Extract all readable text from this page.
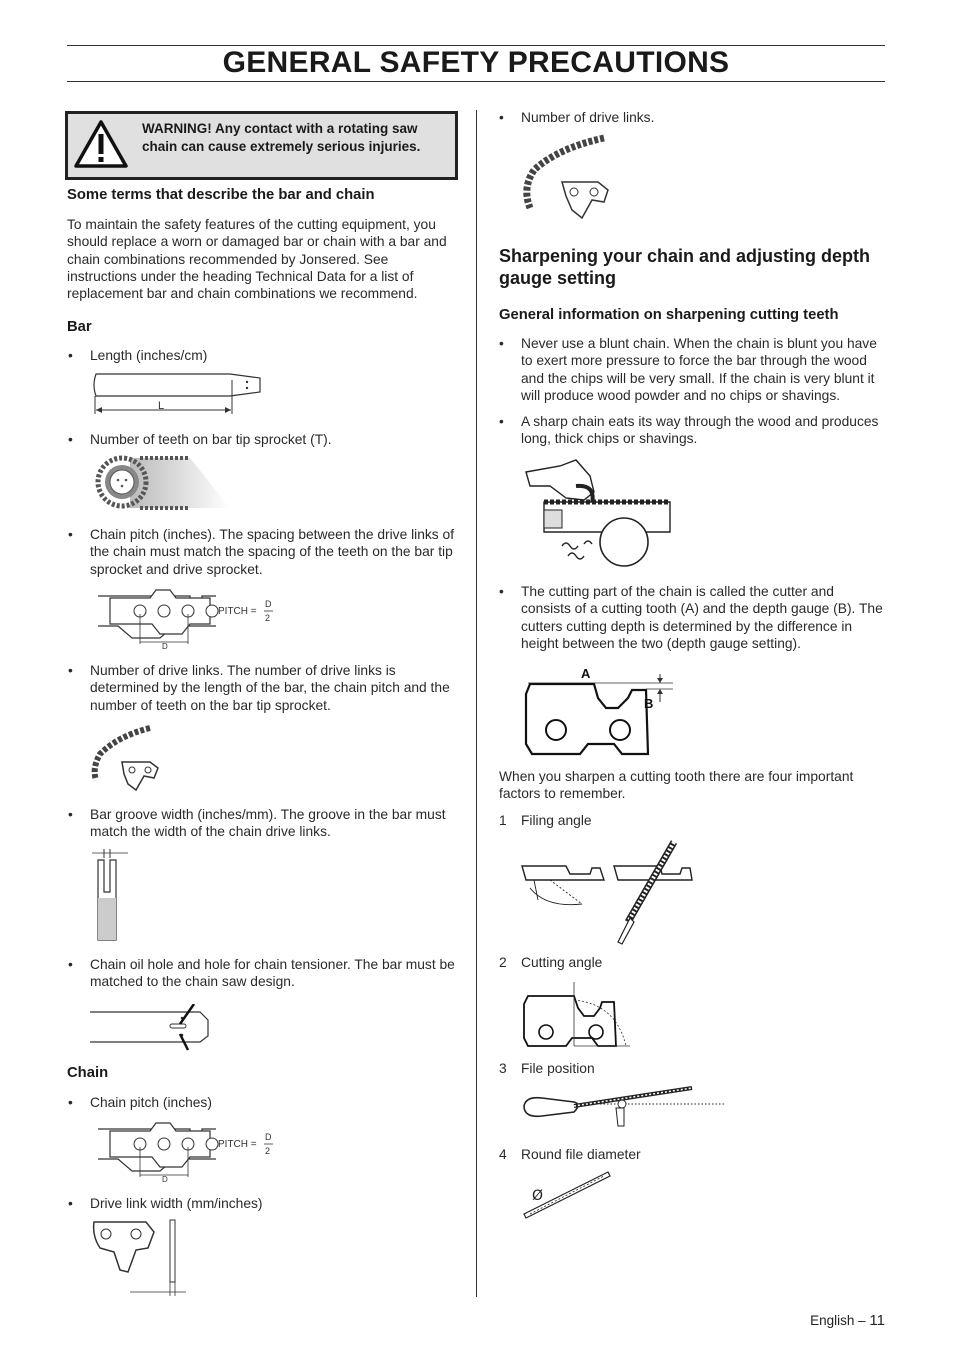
GENERAL SAFETY PRECAUTIONS
WARNING! Any contact with a rotating saw chain can cause extremely serious injuries.
Some terms that describe the bar and chain
To maintain the safety features of the cutting equipment, you should replace a worn or damaged bar or chain with a bar and chain combinations recommended by Jonsered. See instructions under the heading Technical Data for a list of replacement bar and chain combinations we recommend.
Bar
• Length (inches/cm)
L
• Number of teeth on bar tip sprocket (T).
• Chain pitch (inches). The spacing between the drive links of the chain must match the spacing of the teeth on the bar tip sprocket and drive sprocket.
D
PITCH =
D
2
• Number of drive links. The number of drive links is determined by the length of the bar, the chain pitch and the number of teeth on the bar tip sprocket.
• Bar groove width (inches/mm). The groove in the bar must match the width of the chain drive links.
• Chain oil hole and hole for chain tensioner. The bar must be matched to the chain saw design.
Chain
• Chain pitch (inches)
D
PITCH =
D
2
• Drive link width (mm/inches)
• Number of drive links.
Sharpening your chain and adjusting depth gauge setting
General information on sharpening cutting teeth
• Never use a blunt chain. When the chain is blunt you have to exert more pressure to force the bar through the wood and the chips will be very small. If the chain is very blunt it will produce wood powder and no chips or shavings.
• A sharp chain eats its way through the wood and produces long, thick chips or shavings.
• The cutting part of the chain is called the cutter and consists of a cutting tooth (A) and the depth gauge (B). The cutters cutting depth is determined by the difference in height between the two (depth gauge setting).
A
B
When you sharpen a cutting tooth there are four important factors to remember.
1 Filing angle
2 Cutting angle
3 File position
4 Round file diameter
Ø
English – 11
